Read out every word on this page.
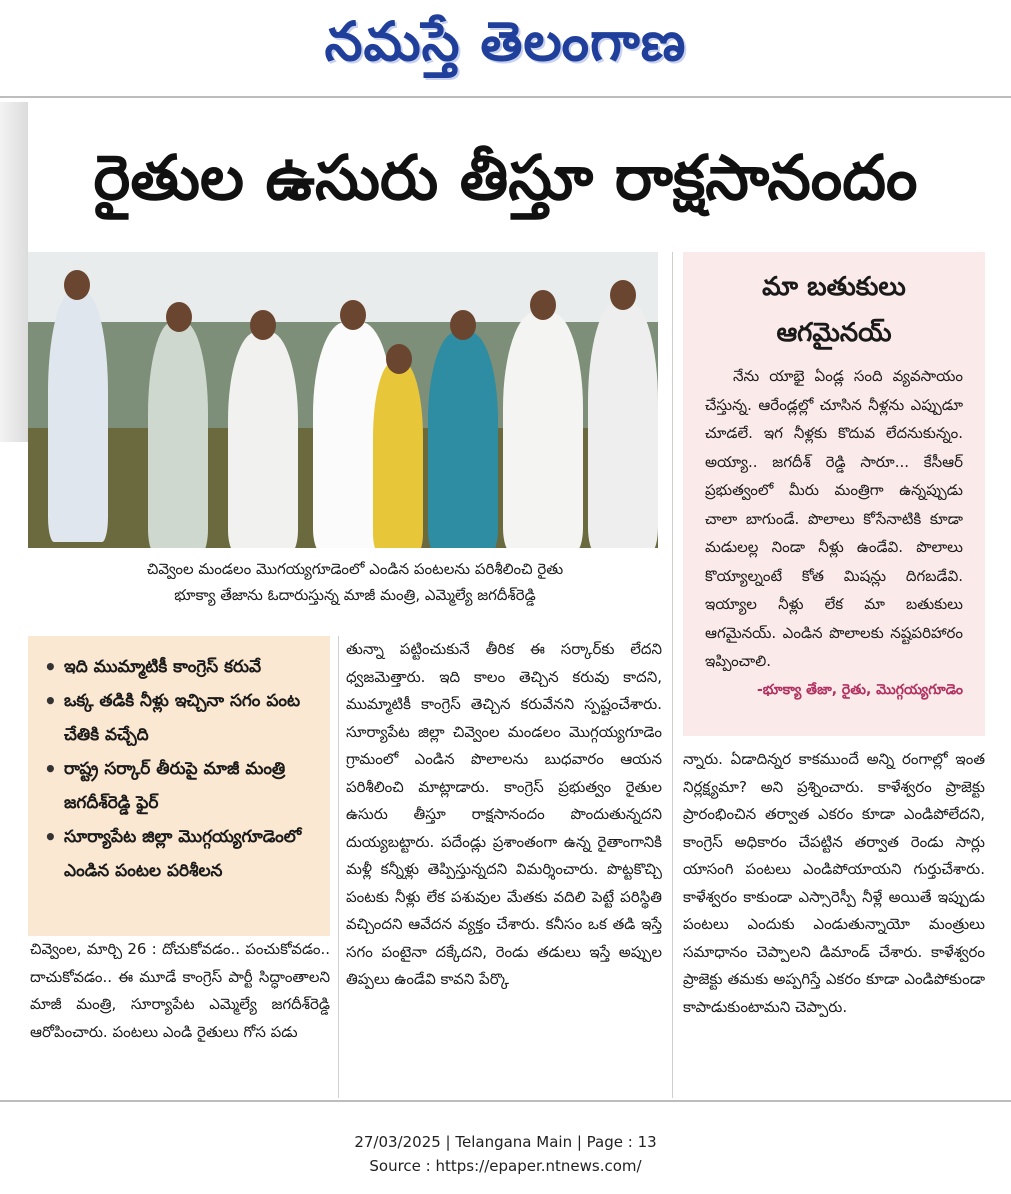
నమస్తే తెలంగాణ
రైతుల ఉసురు తీస్తూ రాక్షసానందం
చివ్వెంల మండలం మొగయ్యగూడెంలో ఎండిన పంటలను పరిశీలించి రైతు
భూక్యా తేజాను ఓదారుస్తున్న మాజీ మంత్రి, ఎమ్మెల్యే జగదీశ్‌రెడ్డి
మా బతుకులు
ఆగమైనయ్
నేను యాభై ఏండ్ల సంది వ్యవసాయం చేస్తున్న. ఆరేండ్లల్లో చూసిన నీళ్లను ఎప్పుడూ చూడలే. ఇగ నీళ్లకు కొదువ లేదనుకున్నం. అయ్యా.. జగదీశ్ రెడ్డి సారూ... కేసీఆర్ ప్రభుత్వంలో మీరు మంత్రిగా ఉన్నప్పుడు చాలా బాగుండే. పొలాలు కోసేనాటికి కూడా మడులల్ల నిండా నీళ్లు ఉండేవి. పొలాలు కొయ్యాల్నంటే కోత మిషన్లు దిగబడేవి. ఇయ్యాల నీళ్లు లేక మా బతుకులు ఆగమైనయ్. ఎండిన పొలాలకు నష్టపరిహారం ఇప్పించాలి.
-భూక్యా తేజా, రైతు, మొగ్గయ్యగూడెం
• ఇది ముమ్మాటికీ కాంగ్రెస్ కరువే
• ఒక్క తడికి నీళ్లు ఇచ్చినా సగం పంట చేతికి వచ్చేది
• రాష్ట్ర సర్కార్ తీరుపై మాజీ మంత్రి జగదీశ్‌రెడ్డి ఫైర్
• సూర్యాపేట జిల్లా మొగ్గయ్యగూడెంలో ఎండిన పంటల పరిశీలన
చివ్వెంల, మార్చి 26 : దోచుకోవడం.. పంచుకోవడం.. దాచుకోవడం.. ఈ మూడే కాంగ్రెస్ పార్టీ సిద్ధాంతాలని మాజీ మంత్రి, సూర్యాపేట ఎమ్మెల్యే జగదీశ్‌రెడ్డి ఆరోపించారు. పంటలు ఎండి రైతులు గోస పడు
తున్నా పట్టించుకునే తీరిక ఈ సర్కార్‌కు లేదని ధ్వజమెత్తారు. ఇది కాలం తెచ్చిన కరువు కాదని, ముమ్మాటికీ కాంగ్రెస్ తెచ్చిన కరువేనని స్పష్టంచేశారు. సూర్యాపేట జిల్లా చివ్వెంల మండలం మొగ్గయ్యగూడెం గ్రామంలో ఎండిన పొలాలను బుధవారం ఆయన పరిశీలించి మాట్లాడారు. కాంగ్రెస్ ప్రభుత్వం రైతుల ఉసురు తీస్తూ రాక్షసానందం పొందుతున్నదని దుయ్యబట్టారు. పదేండ్లు ప్రశాంతంగా ఉన్న రైతాంగానికి మళ్లీ కన్నీళ్లు తెప్పిస్తున్నదని విమర్శించారు. పొట్టకొచ్చి పంటకు నీళ్లు లేక పశువుల మేతకు వదిలి పెట్టే పరిస్థితి వచ్చిందని ఆవేదన వ్యక్తం చేశారు. కనీసం ఒక తడి ఇస్తే సగం పంటైనా దక్కేదని, రెండు తడులు ఇస్తే అప్పుల తిప్పలు ఉండేవి కావని పేర్కొ
న్నారు. ఏడాదిన్నర కాకముందే అన్ని రంగాల్లో ఇంత నిర్లక్ష్యమా? అని ప్రశ్నించారు. కాళేశ్వరం ప్రాజెక్టు ప్రారంభించిన తర్వాత ఎకరం కూడా ఎండిపోలేదని, కాంగ్రెస్ అధికారం చేపట్టిన తర్వాత రెండు సార్లు యాసంగి పంటలు ఎండిపోయాయని గుర్తుచేశారు. కాళేశ్వరం కాకుండా ఎస్సారెస్పీ నీళ్లే అయితే ఇప్పుడు పంటలు ఎందుకు ఎండుతున్నాయో మంత్రులు సమాధానం చెప్పాలని డిమాండ్ చేశారు. కాళేశ్వరం ప్రాజెక్టు తమకు అప్పగిస్తే ఎకరం కూడా ఎండిపోకుండా కాపాడుకుంటామని చెప్పారు.
27/03/2025 | Telangana Main | Page : 13
Source : https://epaper.ntnews.com/
